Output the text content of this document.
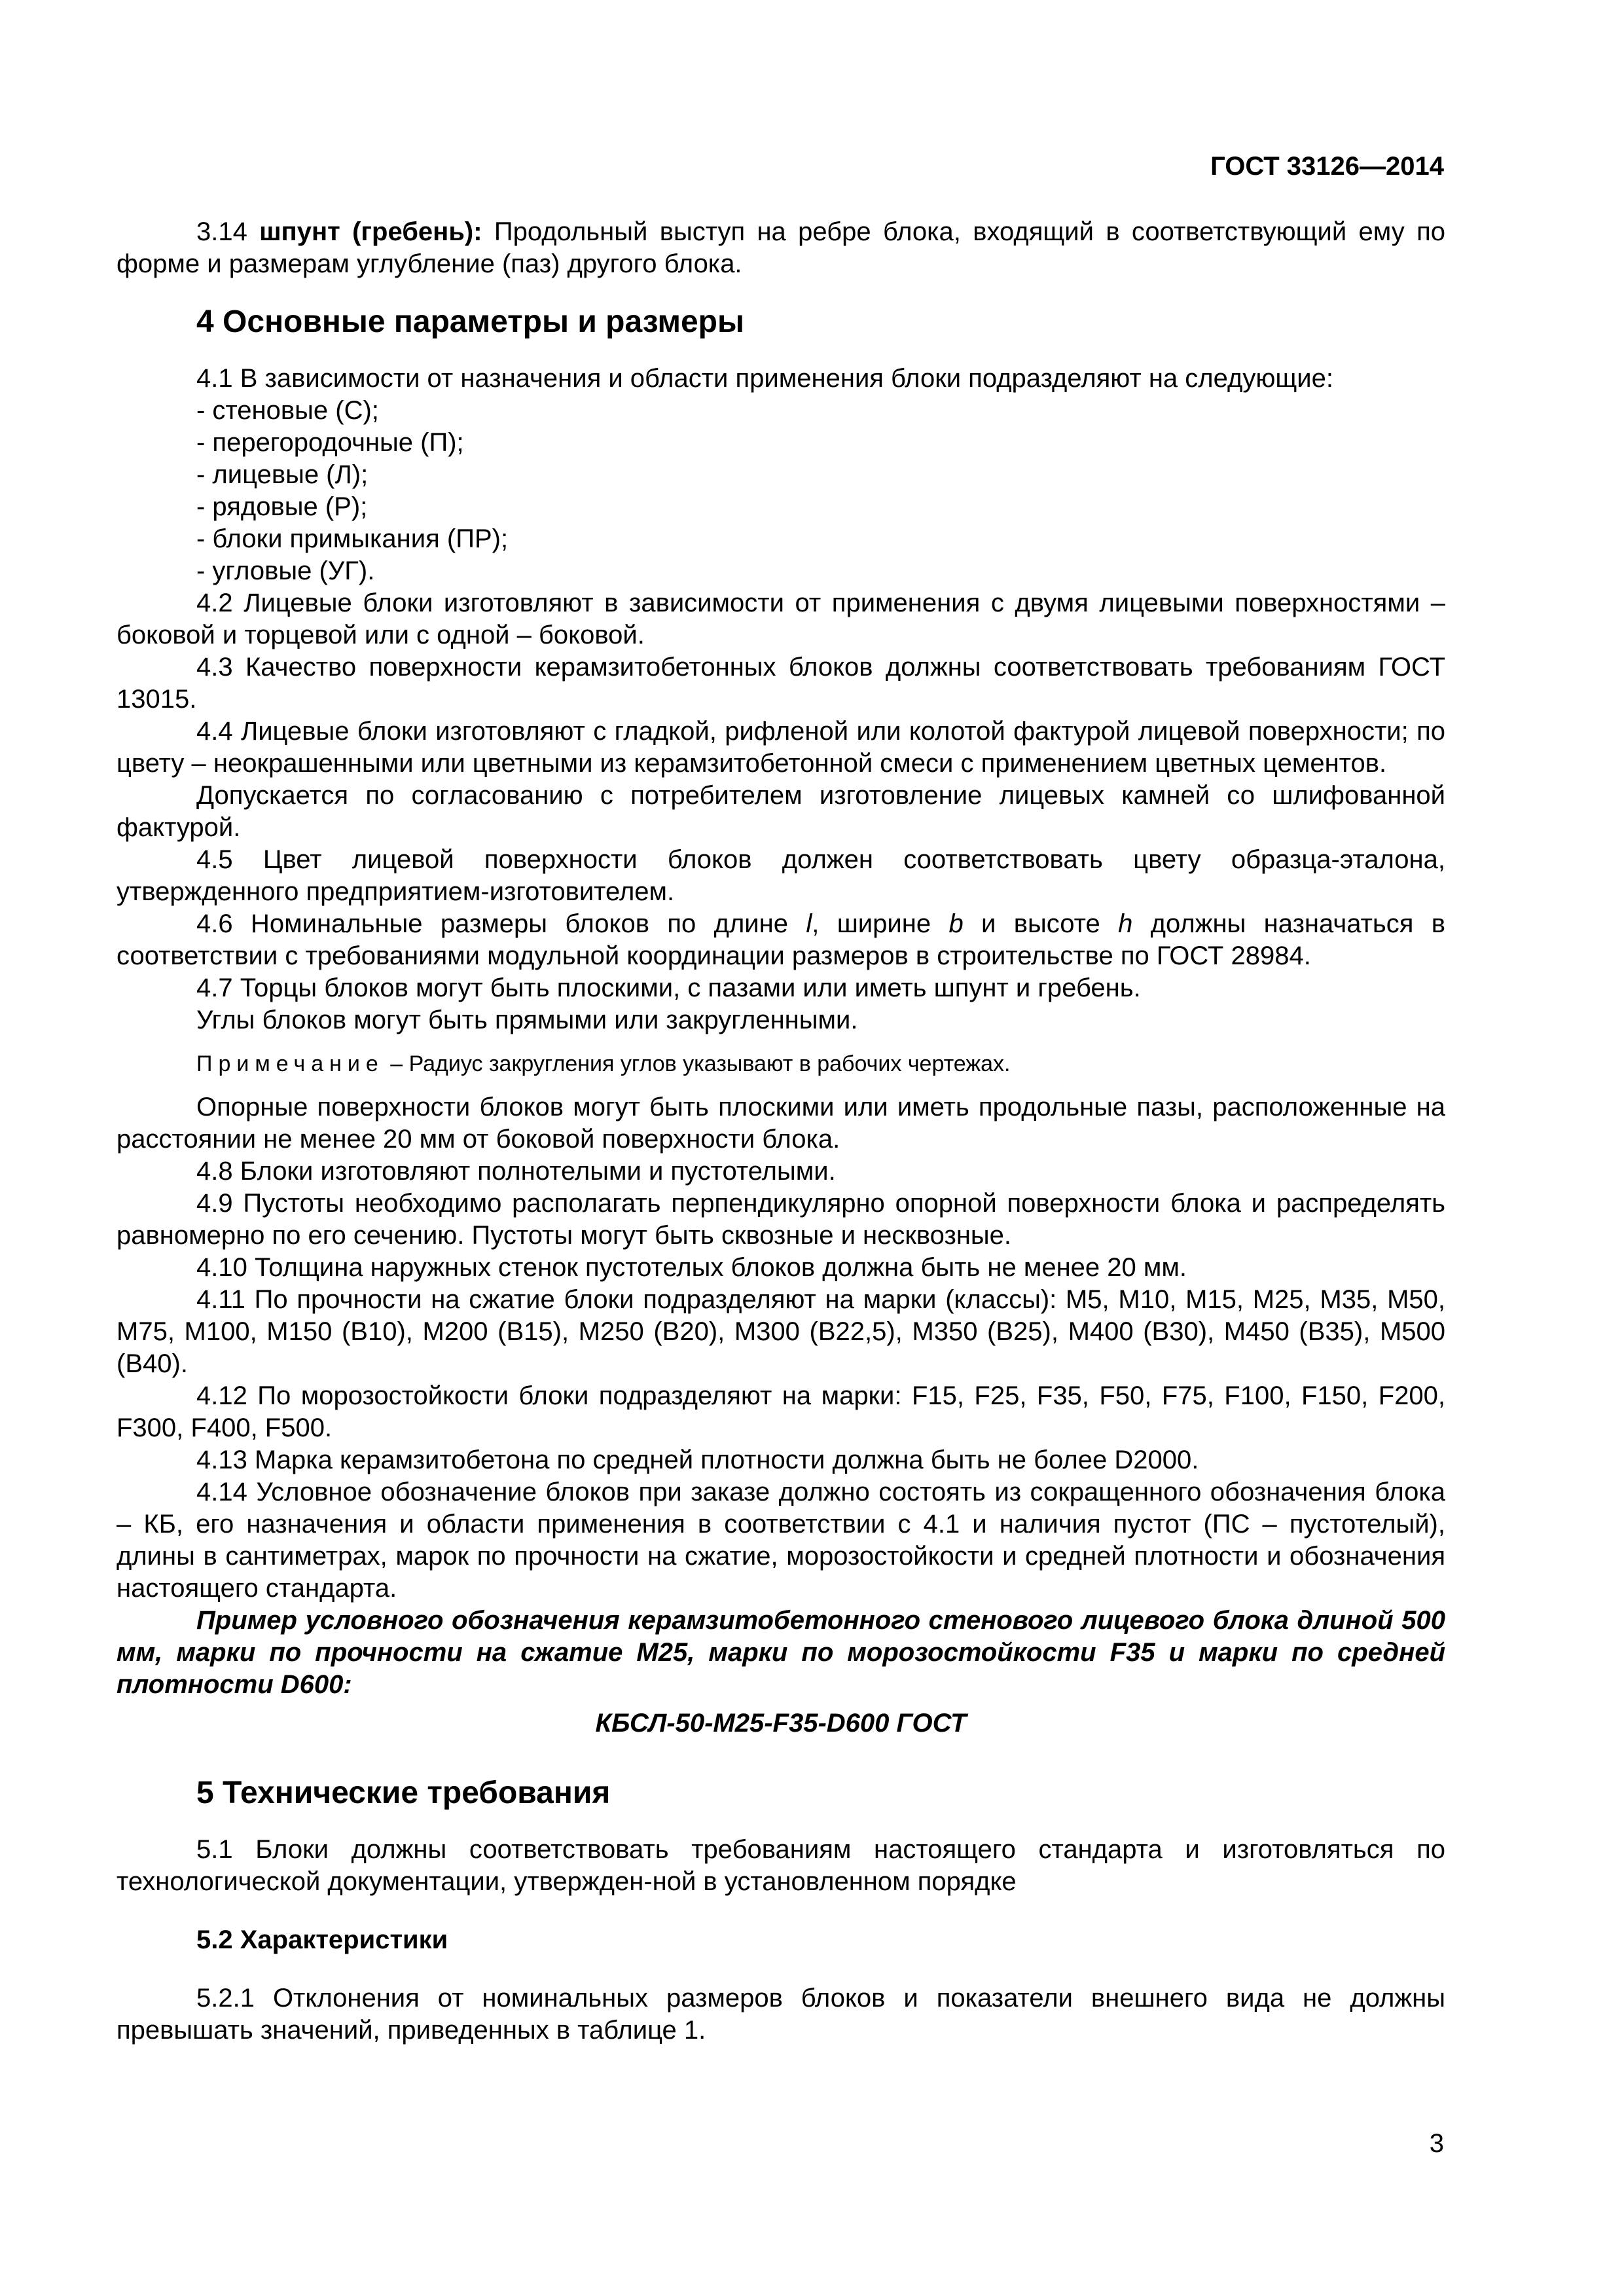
ГОСТ 33126—2014

3.14 шпунт (гребень): Продольный выступ на ребре блока, входящий в соответствующий ему по форме и размерам углубление (паз) другого блока.

4 Основные параметры и размеры

4.1 В зависимости от назначения и области применения блоки подразделяют на следующие:

- стеновые (С);

- перегородочные (П);

- лицевые (Л);

- рядовые (Р);

- блоки примыкания (ПР);

- угловые (УГ).

4.2 Лицевые блоки изготовляют в зависимости от применения с двумя лицевыми поверхностями – боковой и торцевой или с одной – боковой.

4.3 Качество поверхности керамзитобетонных блоков должны соответствовать требованиям ГОСТ 13015.

4.4 Лицевые блоки изготовляют с гладкой, рифленой или колотой фактурой лицевой поверхности; по цвету – неокрашенными или цветными из керамзитобетонной смеси с применением цветных цементов.

Допускается по согласованию с потребителем изготовление лицевых камней со шлифованной фактурой.

4.5 Цвет лицевой поверхности блоков должен соответствовать цвету образца-эталона, утвержденного предприятием-изготовителем.

4.6 Номинальные размеры блоков по длине l, ширине b и высоте h должны назначаться в соответствии с требованиями модульной координации размеров в строительстве по ГОСТ 28984.

4.7 Торцы блоков могут быть плоскими, с пазами или иметь шпунт и гребень.

Углы блоков могут быть прямыми или закругленными.

Примечание – Радиус закругления углов указывают в рабочих чертежах.

Опорные поверхности блоков могут быть плоскими или иметь продольные пазы, расположенные на расстоянии не менее 20 мм от боковой поверхности блока.

4.8 Блоки изготовляют полнотелыми и пустотелыми.

4.9 Пустоты необходимо располагать перпендикулярно опорной поверхности блока и распределять равномерно по его сечению. Пустоты могут быть сквозные и несквозные.

4.10 Толщина наружных стенок пустотелых блоков должна быть не менее 20 мм.

4.11 По прочности на сжатие блоки подразделяют на марки (классы): М5, М10, М15, М25, М35, М50, М75, М100, М150 (В10), М200 (В15), М250 (В20), М300 (В22,5), М350 (В25), М400 (В30), М450 (В35), М500 (В40).

4.12 По морозостойкости блоки подразделяют на марки: F15, F25, F35, F50, F75, F100, F150, F200, F300, F400, F500.

4.13 Марка керамзитобетона по средней плотности должна быть не более D2000.

4.14 Условное обозначение блоков при заказе должно состоять из сокращенного обозначения блока – КБ, его назначения и области применения в соответствии с 4.1 и наличия пустот (ПС – пустотелый), длины в сантиметрах, марок по прочности на сжатие, морозостойкости и средней плотности и обозначения настоящего стандарта.

Пример условного обозначения керамзитобетонного стенового лицевого блока длиной 500 мм, марки по прочности на сжатие М25, марки по морозостойкости F35 и марки по средней плотности D600:

КБСЛ-50-М25-F35-D600 ГОСТ

5 Технические требования

5.1 Блоки должны соответствовать требованиям настоящего стандарта и изготовляться по технологической документации, утвержден-ной в установленном порядке

5.2 Характеристики

5.2.1 Отклонения от номинальных размеров блоков и показатели внешнего вида не должны превышать значений, приведенных в таблице 1.

3
